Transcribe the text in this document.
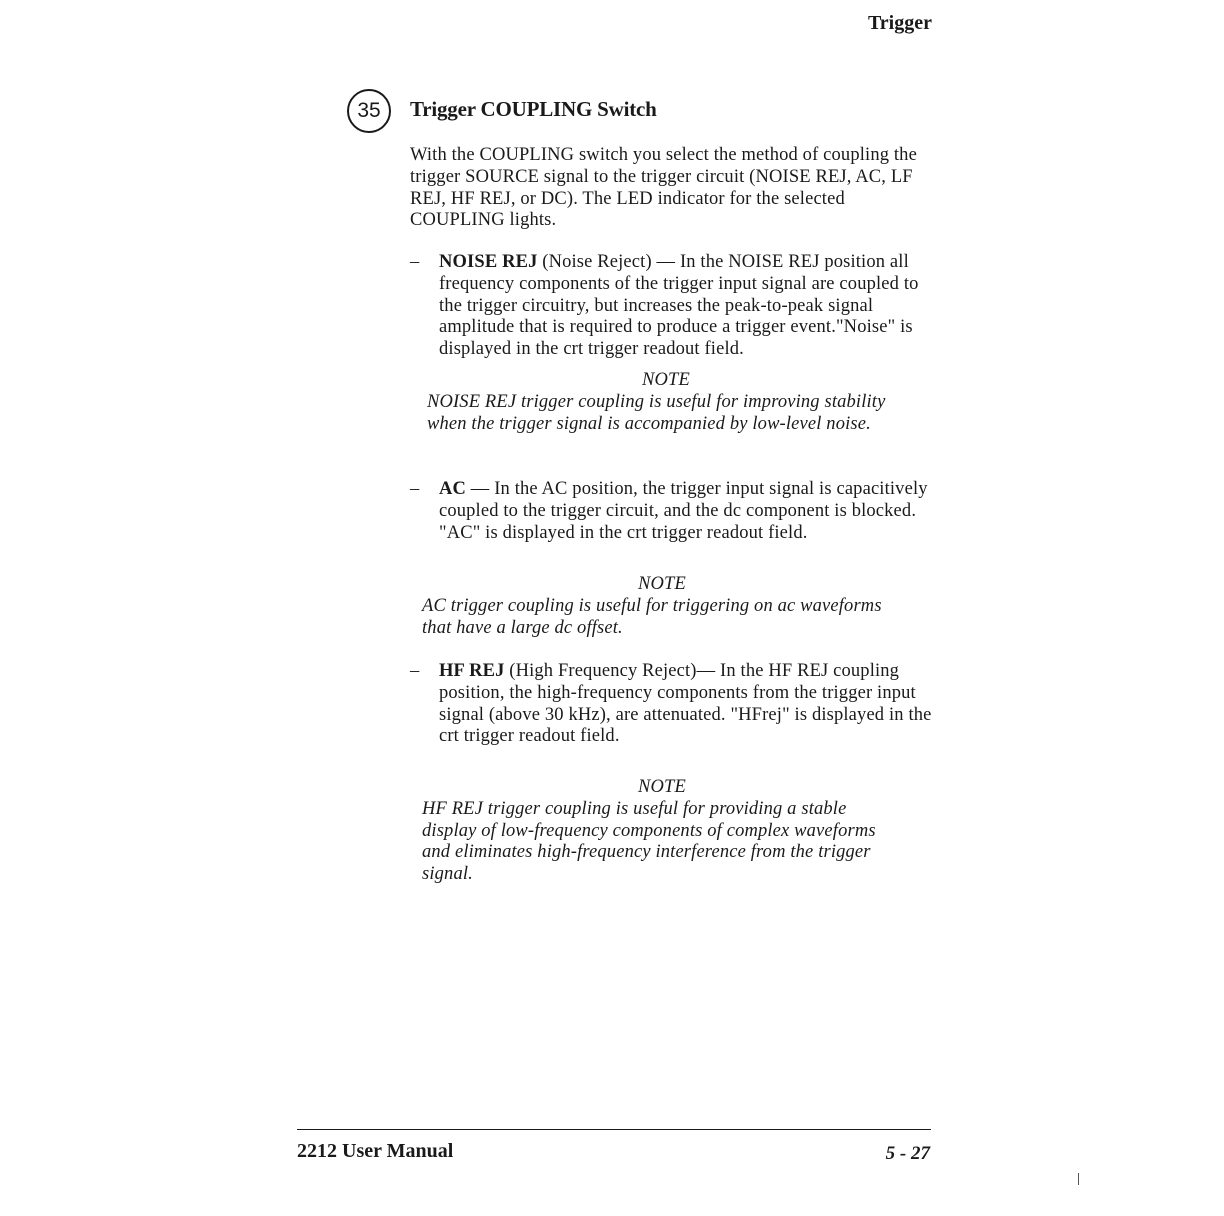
Trigger
35	Trigger COUPLING Switch
With the COUPLING switch you select the method of coupling the trigger SOURCE signal to the trigger circuit (NOISE REJ, AC, LF REJ, HF REJ, or DC). The LED indicator for the selected COUPLING lights.
–	NOISE REJ (Noise Reject) — In the NOISE REJ position all frequency components of the trigger input signal are coupled to the trigger circuitry, but increases the peak-to-peak signal amplitude that is required to produce a trigger event."Noise" is displayed in the crt trigger readout field.
NOTE
NOISE REJ trigger coupling is useful for improving stability when the trigger signal is accompanied by low-level noise.
–	AC — In the AC position, the trigger input signal is capacitively coupled to the trigger circuit, and the dc component is blocked. "AC" is displayed in the crt trigger readout field.
NOTE
AC trigger coupling is useful for triggering on ac waveforms that have a large dc offset.
–	HF REJ (High Frequency Reject)— In the HF REJ coupling position, the high-frequency components from the trigger input signal (above 30 kHz), are attenuated. "HFrej" is displayed in the crt trigger readout field.
NOTE
HF REJ trigger coupling is useful for providing a stable display of low-frequency components of complex waveforms and eliminates high-frequency interference from the trigger signal.
2212 User Manual	5 - 27
